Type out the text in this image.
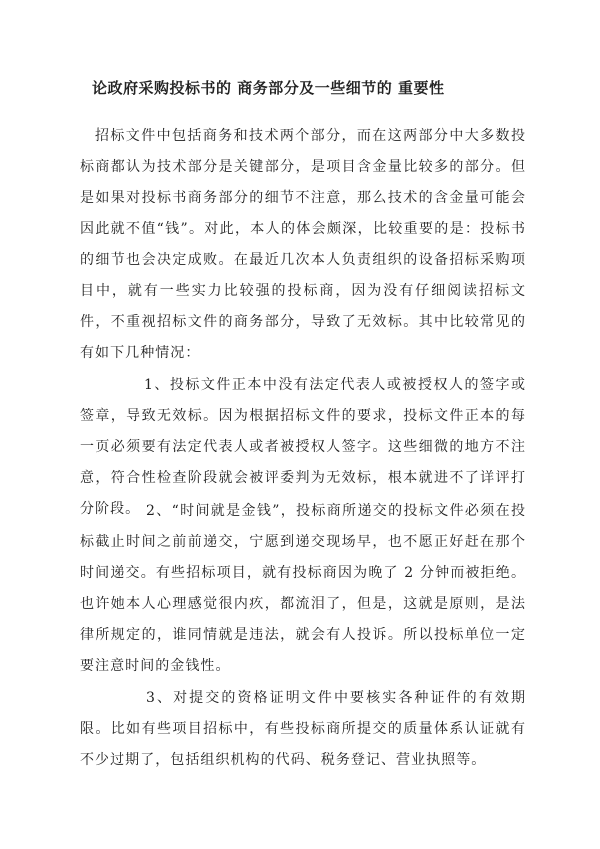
论政府采购投标书的 商务部分及一些细节的 重要性

招标文件中包括商务和技术两个部分，而在这两部分中大多数投标商都认为技术部分是关键部分，是项目含金量比较多的部分。但是如果对投标书商务部分的细节不注意，那么技术的含金量可能会因此就不值“钱”。对此，本人的体会颇深，比较重要的是：投标书的细节也会决定成败。在最近几次本人负责组织的设备招标采购项目中，就有一些实力比较强的投标商，因为没有仔细阅读招标文件，不重视招标文件的商务部分，导致了无效标。其中比较常见的有如下几种情况：

1、投标文件正本中没有法定代表人或被授权人的签字或签章，导致无效标。因为根据招标文件的要求，投标文件正本的每一页必须要有法定代表人或者被授权人签字。这些细微的地方不注意，符合性检查阶段就会被评委判为无效标，根本就进不了详评打分阶段。 2、“时间就是金钱”，投标商所递交的投标文件必须在投标截止时间之前前递交，宁愿到递交现场早，也不愿正好赶在那个时间递交。有些招标项目，就有投标商因为晚了 2 分钟而被拒绝。也许她本人心理感觉很内疚，都流泪了，但是，这就是原则，是法律所规定的，谁同情就是违法，就会有人投诉。所以投标单位一定要注意时间的金钱性。

3、对提交的资格证明文件中要核实各种证件的有效期限。比如有些项目招标中，有些投标商所提交的质量体系认证就有不少过期了，包括组织机构的代码、税务登记、营业执照等。
